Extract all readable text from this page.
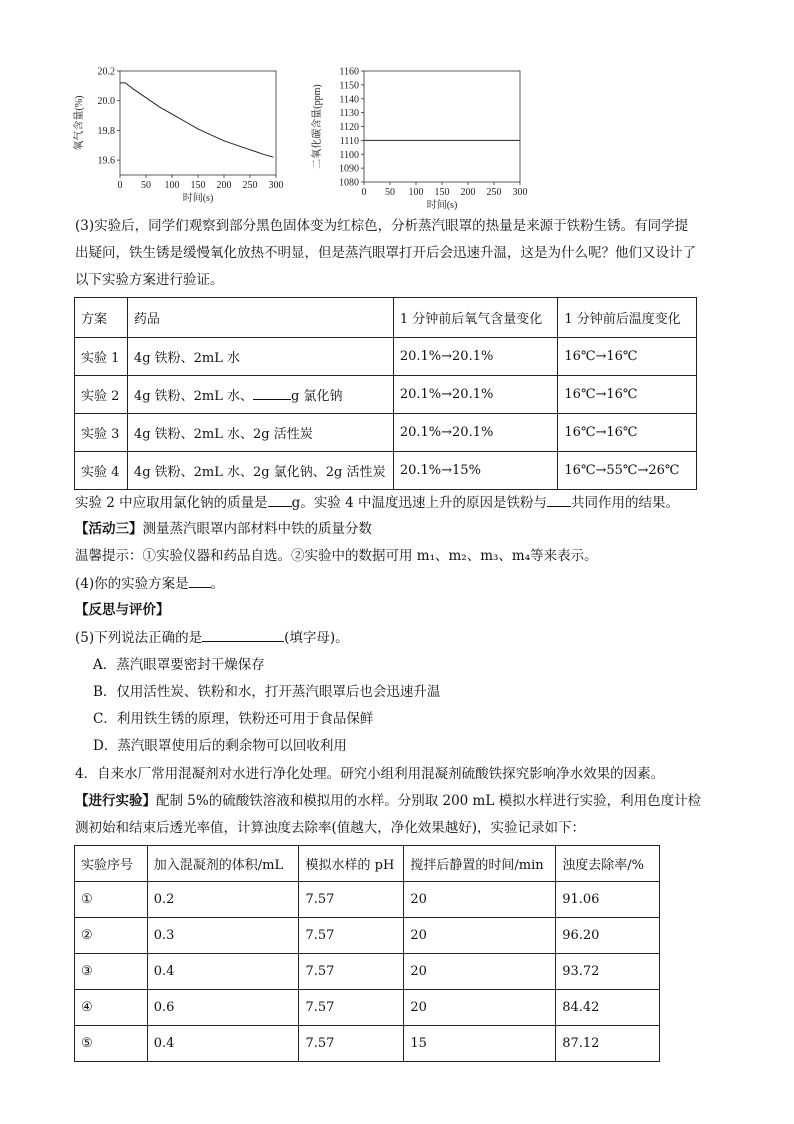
0 50 100 150 200 250 300
20.2
20.0
19.8
19.6
时间(s)
氧气含量(%)
0 50 100 150 200 250 300
1160
1150
1140
1130
1120
1110
1100
1090
1080
时间(s)
二氧化碳含量(ppm)
(3)实验后，同学们观察到部分黑色固体变为红棕色，分析蒸汽眼罩的热量是来源于铁粉生锈。有同学提
出疑问，铁生锈是缓慢氧化放热不明显，但是蒸汽眼罩打开后会迅速升温，这是为什么呢？他们又设计了
以下实验方案进行验证。
方案	药品	1 分钟前后氧气含量变化	1 分钟前后温度变化
实验 1	4g 铁粉、2mL 水	20.1%→20.1%	16℃→16℃
实验 2	4g 铁粉、2mL 水、 g 氯化钠	20.1%→20.1%	16℃→16℃
实验 3	4g 铁粉、2mL 水、2g 活性炭	20.1%→20.1%	16℃→16℃
实验 4	4g 铁粉、2mL 水、2g 氯化钠、2g 活性炭	20.1%→15%	16℃→55℃→26℃
实验 2 中应取用氯化钠的质量是 g。实验 4 中温度迅速上升的原因是铁粉与 共同作用的结果。
【活动三】测量蒸汽眼罩内部材料中铁的质量分数
温馨提示：①实验仪器和药品自选。②实验中的数据可用 m₁、m₂、m₃、m₄等来表示。
(4)你的实验方案是 。
【反思与评价】
(5)下列说法正确的是	(填字母)。
A．蒸汽眼罩要密封干燥保存
B．仅用活性炭、铁粉和水，打开蒸汽眼罩后也会迅速升温
C．利用铁生锈的原理，铁粉还可用于食品保鲜
D．蒸汽眼罩使用后的剩余物可以回收利用
4．自来水厂常用混凝剂对水进行净化处理。研究小组利用混凝剂硫酸铁探究影响净水效果的因素。
【进行实验】配制 5%的硫酸铁溶液和模拟用的水样。分别取 200 mL 模拟水样进行实验，利用色度计检
测初始和结束后透光率值，计算浊度去除率(值越大，净化效果越好)，实验记录如下：
实验序号	加入混凝剂的体积/mL	模拟水样的 pH	搅拌后静置的时间/min	浊度去除率/%
①	0.2	7.57	20	91.06
②	0.3	7.57	20	96.20
③	0.4	7.57	20	93.72
④	0.6	7.57	20	84.42
⑤	0.4	7.57	15	87.12
